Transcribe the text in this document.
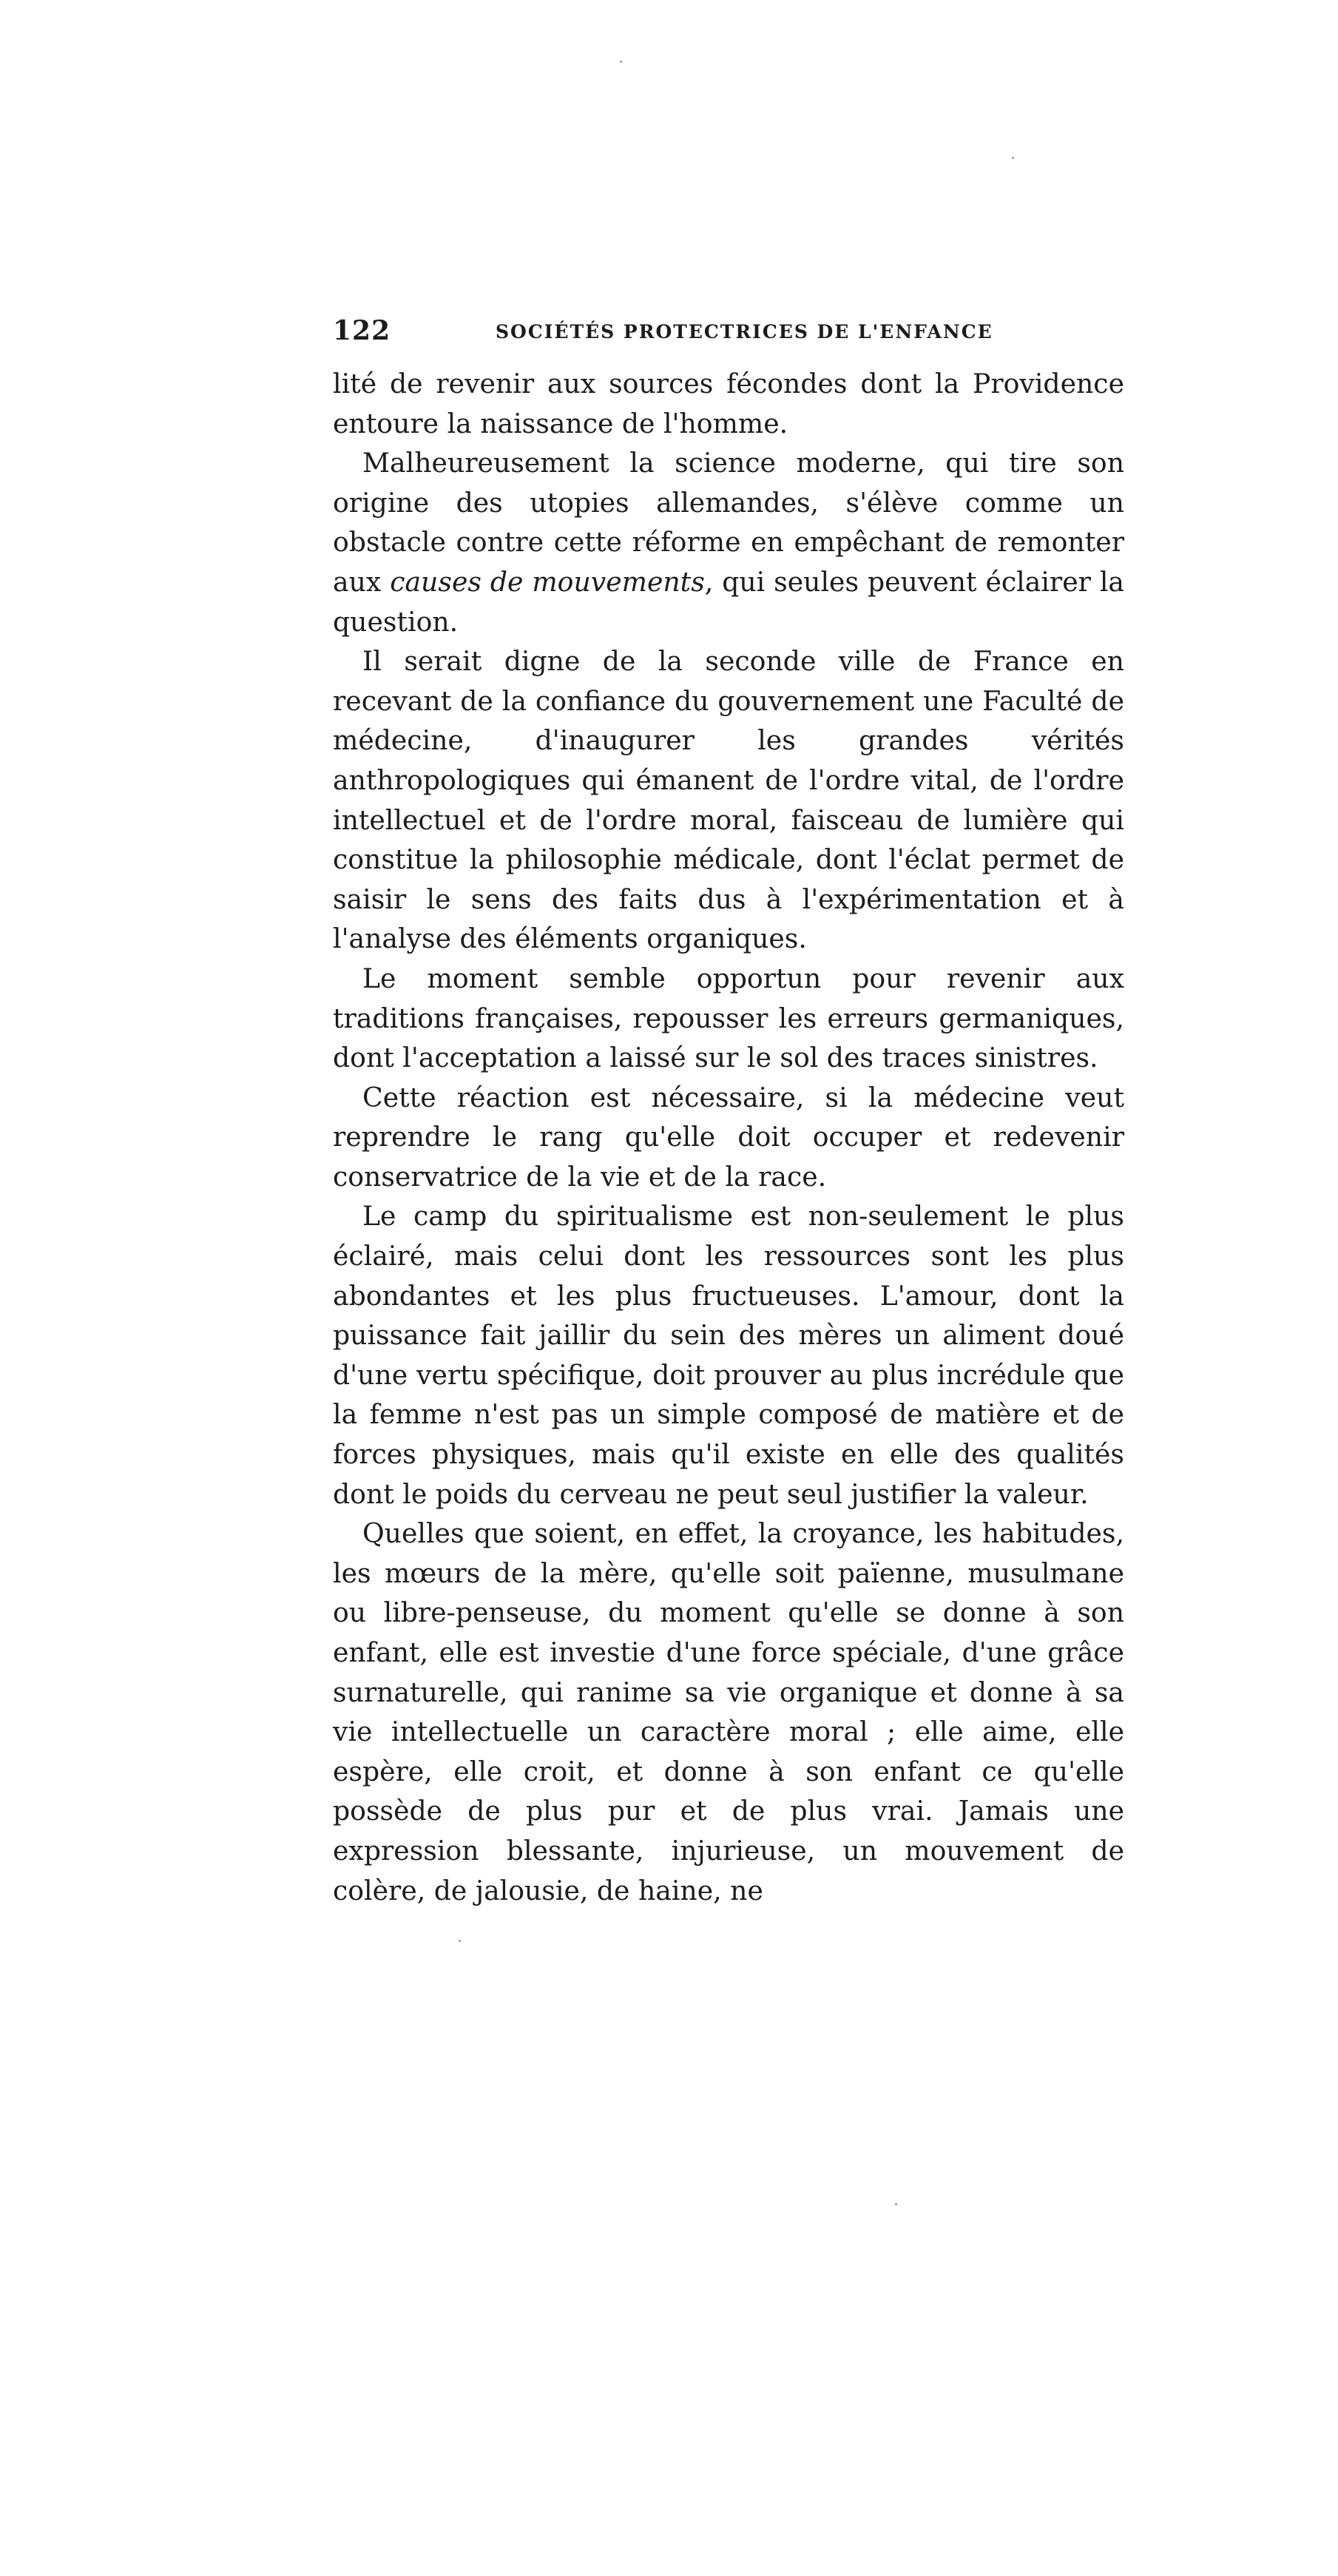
122	SOCIÉTÉS PROTECTRICES DE L'ENFANCE

lité de revenir aux sources fécondes dont la Providence entoure la naissance de l'homme.

Malheureusement la science moderne, qui tire son origine des utopies allemandes, s'élève comme un obstacle contre cette réforme en empêchant de remonter aux causes de mouvements, qui seules peuvent éclairer la question.

Il serait digne de la seconde ville de France en recevant de la confiance du gouvernement une Faculté de médecine, d'inaugurer les grandes vérités anthropologiques qui émanent de l'ordre vital, de l'ordre intellectuel et de l'ordre moral, faisceau de lumière qui constitue la philosophie médicale, dont l'éclat permet de saisir le sens des faits dus à l'expérimentation et à l'analyse des éléments organiques.

Le moment semble opportun pour revenir aux traditions françaises, repousser les erreurs germaniques, dont l'acceptation a laissé sur le sol des traces sinistres.

Cette réaction est nécessaire, si la médecine veut reprendre le rang qu'elle doit occuper et redevenir conservatrice de la vie et de la race.

Le camp du spiritualisme est non-seulement le plus éclairé, mais celui dont les ressources sont les plus abondantes et les plus fructueuses. L'amour, dont la puissance fait jaillir du sein des mères un aliment doué d'une vertu spécifique, doit prouver au plus incrédule que la femme n'est pas un simple composé de matière et de forces physiques, mais qu'il existe en elle des qualités dont le poids du cerveau ne peut seul justifier la valeur.

Quelles que soient, en effet, la croyance, les habitudes, les mœurs de la mère, qu'elle soit païenne, musulmane ou libre-penseuse, du moment qu'elle se donne à son enfant, elle est investie d'une force spéciale, d'une grâce surnaturelle, qui ranime sa vie organique et donne à sa vie intellectuelle un caractère moral ; elle aime, elle espère, elle croit, et donne à son enfant ce qu'elle possède de plus pur et de plus vrai. Jamais une expression blessante, injurieuse, un mouvement de colère, de jalousie, de haine, ne
